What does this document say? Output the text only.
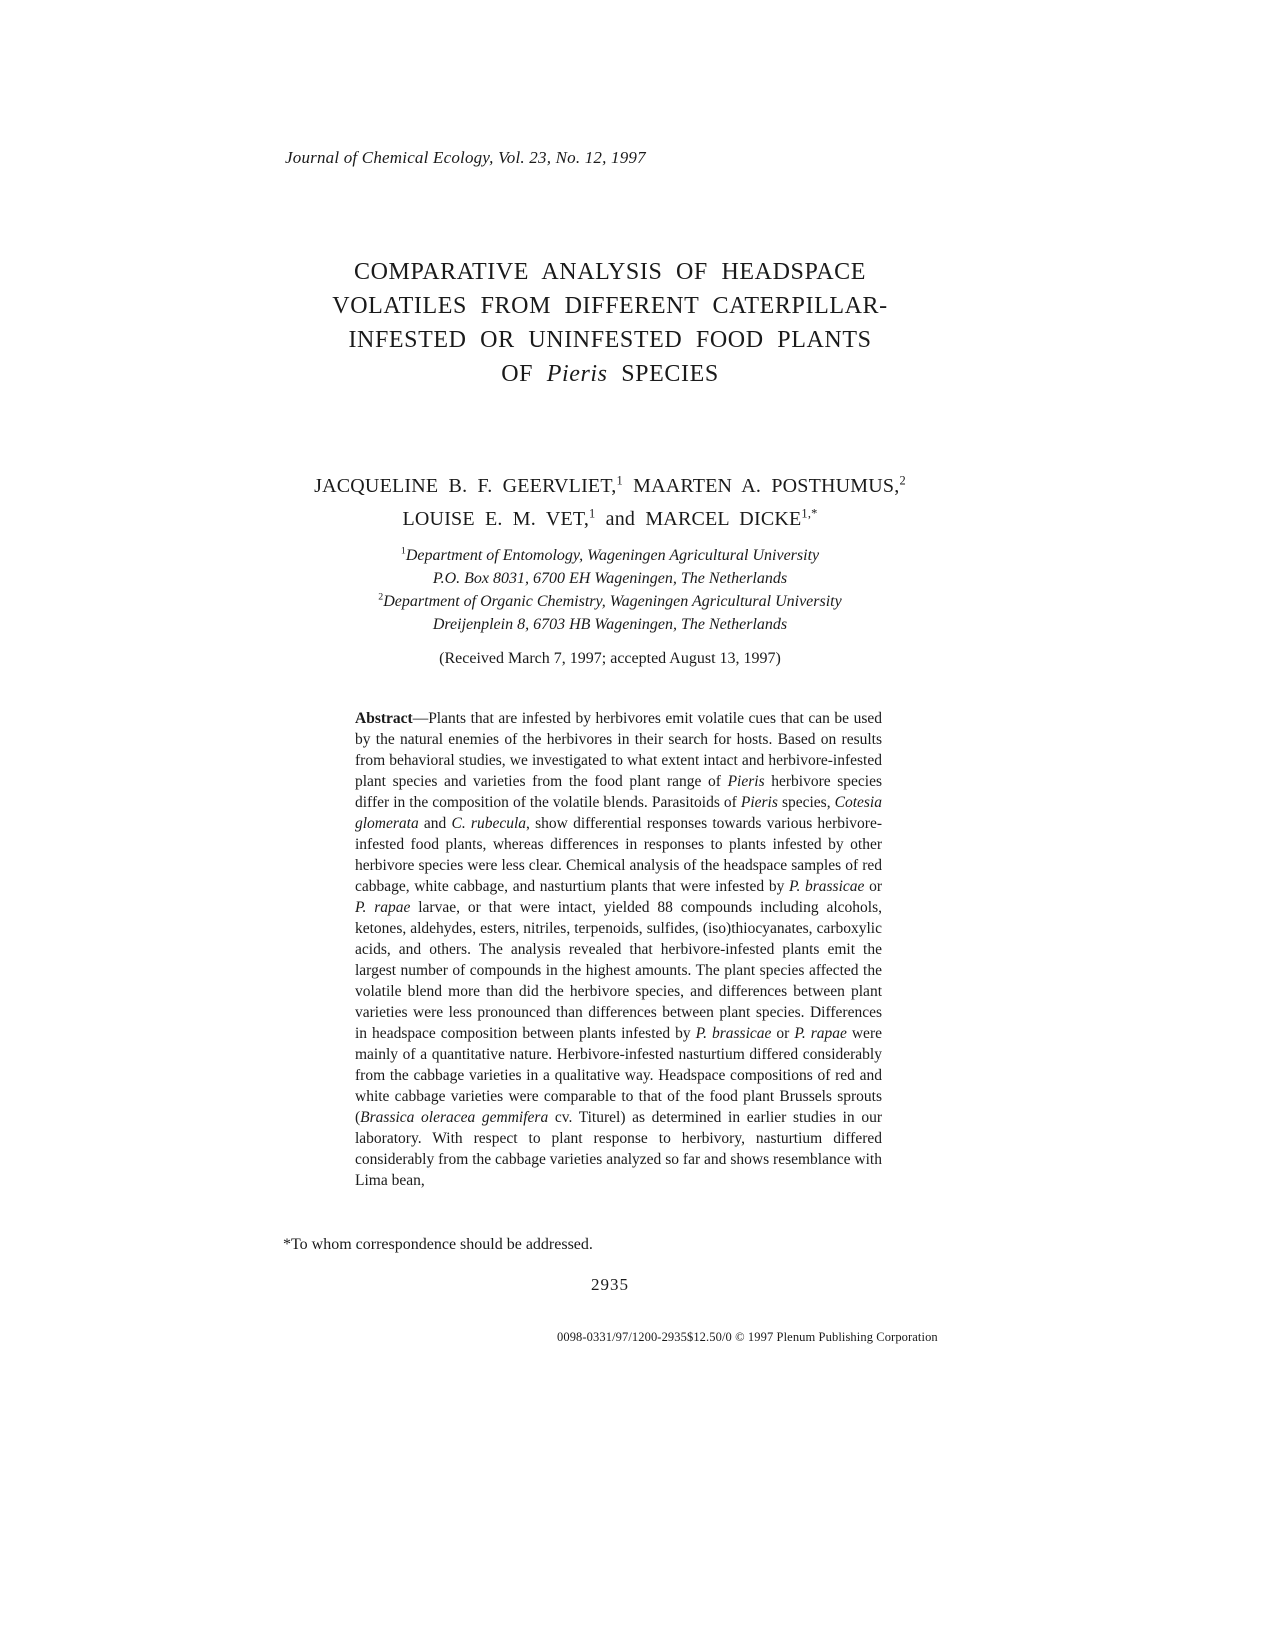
Journal of Chemical Ecology, Vol. 23, No. 12, 1997
COMPARATIVE ANALYSIS OF HEADSPACE
VOLATILES FROM DIFFERENT CATERPILLAR-
INFESTED OR UNINFESTED FOOD PLANTS
OF Pieris SPECIES
JACQUELINE B. F. GEERVLIET,$^1$ MAARTEN A. POSTHUMUS,$^2$
LOUISE E. M. VET,$^1$ and MARCEL $DICKE^{1,*}$
$^1$Department of Entomology, Wageningen Agricultural University
P.O. Box 8031, 6700 EH Wageningen, The Netherlands
$^2$Department of Organic Chemistry, Wageningen Agricultural University
Dreijenplein 8, 6703 HB Wageningen, The Netherlands
(Received March 7, 1997; accepted August 13, 1997)
Abstract—Plants that are infested by herbivores emit volatile cues that can be used by the natural enemies of the herbivores in their search for hosts. Based on results from behavioral studies, we investigated to what extent intact and herbivore-infested plant species and varieties from the food plant range of Pieris herbivore species differ in the composition of the volatile blends. Parasitoids of Pieris species, Cotesia glomerata and C. rubecula, show differential responses towards various herbivore-infested food plants, whereas differences in responses to plants infested by other herbivore species were less clear. Chemical analysis of the headspace samples of red cabbage, white cabbage, and nasturtium plants that were infested by P. brassicae or P. rapae larvae, or that were intact, yielded 88 compounds including alcohols, ketones, aldehydes, esters, nitriles, terpenoids, sulfides, (iso)thiocyanates, carboxylic acids, and others. The analysis revealed that herbivore-infested plants emit the largest number of compounds in the highest amounts. The plant species affected the volatile blend more than did the herbivore species, and differences between plant varieties were less pronounced than differences between plant species. Differences in headspace composition between plants infested by P. brassicae or P. rapae were mainly of a quantitative nature. Herbivore-infested nasturtium differed considerably from the cabbage varieties in a qualitative way. Headspace compositions of red and white cabbage varieties were comparable to that of the food plant Brussels sprouts (Brassica oleracea gemmifera cv. Titurel) as determined in earlier studies in our laboratory. With respect to plant response to herbivory, nasturtium differed considerably from the cabbage varieties analyzed so far and shows resemblance with Lima bean,
*To whom correspondence should be addressed.
2935
0098-0331/97/1200-2935$12.50/0 © 1997 Plenum Publishing Corporation
